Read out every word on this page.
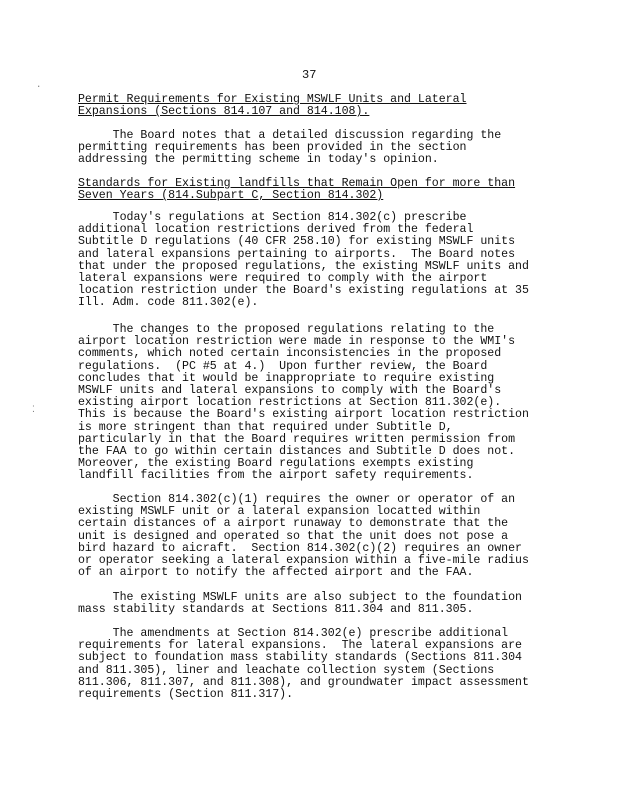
37
Permit Requirements for Existing MSWLF Units and Lateral
Expansions (Sections 814.107 and 814.108).
The Board notes that a detailed discussion regarding the
permitting requirements has been provided in the section
addressing the permitting scheme in today's opinion.
Standards for Existing landfills that Remain Open for more than
Seven Years (814.Subpart C, Section 814.302)
Today's regulations at Section 814.302(c) prescribe
additional location restrictions derived from the federal
Subtitle D regulations (40 CFR 258.10) for existing MSWLF units
and lateral expansions pertaining to airports.  The Board notes
that under the proposed regulations, the existing MSWLF units and
lateral expansions were required to comply with the airport
location restriction under the Board's existing regulations at 35
Ill. Adm. code 811.302(e).
The changes to the proposed regulations relating to the
airport location restriction were made in response to the WMI's
comments, which noted certain inconsistencies in the proposed
regulations.  (PC #5 at 4.)  Upon further review, the Board
concludes that it would be inappropriate to require existing
MSWLF units and lateral expansions to comply with the Board's
existing airport location restrictions at Section 811.302(e).
This is because the Board's existing airport location restriction
is more stringent than that required under Subtitle D,
particularly in that the Board requires written permission from
the FAA to go within certain distances and Subtitle D does not.
Moreover, the existing Board regulations exempts existing
landfill facilities from the airport safety requirements.
Section 814.302(c)(1) requires the owner or operator of an
existing MSWLF unit or a lateral expansion locatted within
certain distances of a airport runaway to demonstrate that the
unit is designed and operated so that the unit does not pose a
bird hazard to aicraft.  Section 814.302(c)(2) requires an owner
or operator seeking a lateral expansion within a five-mile radius
of an airport to notify the affected airport and the FAA.
The existing MSWLF units are also subject to the foundation
mass stability standards at Sections 811.304 and 811.305.
The amendments at Section 814.302(e) prescribe additional
requirements for lateral expansions.  The lateral expansions are
subject to foundation mass stability standards (Sections 811.304
and 811.305), liner and leachate collection system (Sections
811.306, 811.307, and 811.308), and groundwater impact assessment
requirements (Section 811.317).
·
⁚
